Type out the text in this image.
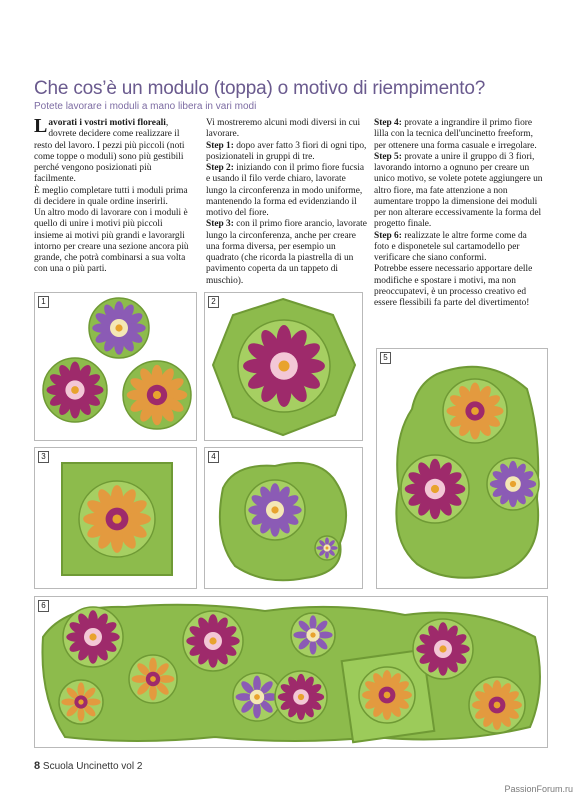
Che cos’è un modulo (toppa) o motivo di riempimento?
Potete lavorare i moduli a mano libera in vari modi

Lavorati i vostri motivi floreali, dovrete decidere come realizzare il resto del lavoro. I pezzi più piccoli (noti come toppe o moduli) sono più gestibili perché vengono posizionati più facilmente.

È meglio completare tutti i moduli prima di decidere in quale ordine inserirli.

Un altro modo di lavorare con i moduli è quello di unire i motivi più piccoli insieme ai motivi più grandi e lavorargli intorno per creare una sezione ancora più grande, che potrà combinarsi a sua volta con una o più parti.

Vi mostreremo alcuni modi diversi in cui lavorare.

Step 1: dopo aver fatto 3 fiori di ogni tipo, posizionateli in gruppi di tre.

Step 2: iniziando con il primo fiore fucsia e usando il filo verde chiaro, lavorate lungo la circonferenza in modo uniforme, mantenendo la forma ed evidenziando il motivo del fiore.

Step 3: con il primo fiore arancio, lavorate lungo la circonferenza, anche per creare una forma diversa, per esempio un quadrato (che ricorda la piastrella di un pavimento coperta da un tappeto di muschio).

Step 4: provate a ingrandire il primo fiore lilla con la tecnica dell'uncinetto freeform, per ottenere una forma casuale e irregolare.

Step 5: provate a unire il gruppo di 3 fiori, lavorando intorno a ognuno per creare un unico motivo, se volete potete aggiungere un altro fiore, ma fate attenzione a non aumentare troppo la dimensione dei moduli per non alterare eccessivamente la forma del progetto finale.

Step 6: realizzate le altre forme come da foto e disponetele sul cartamodello per verificare che siano conformi.

Potrebbe essere necessario apportare delle modifiche e spostare i motivi, ma non preoccupatevi, è un processo creativo ed essere flessibili fa parte del divertimento!

1	2
3	4
5
6
8 Scuola Uncinetto vol 2
PassionForum.ru
